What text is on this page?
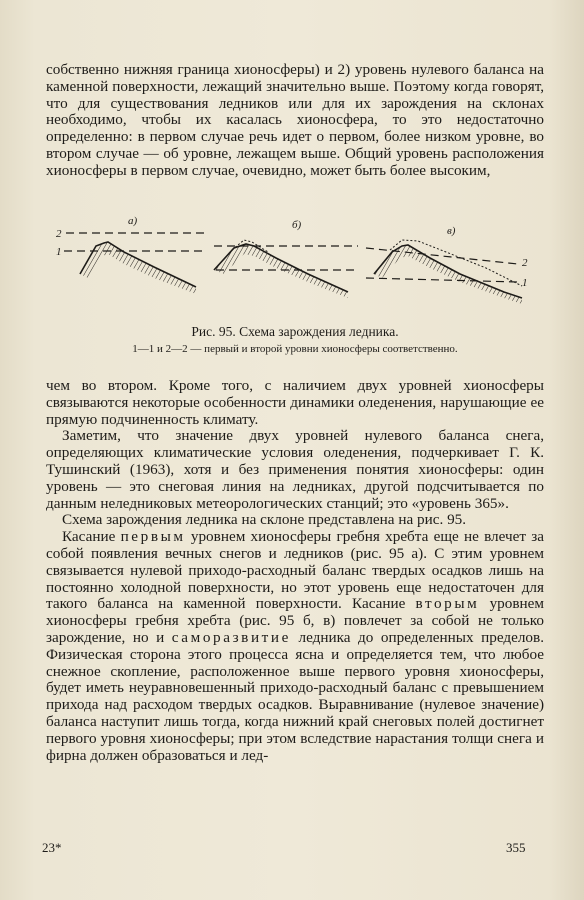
собственно нижняя граница хионосферы) и 2) уровень нулевого баланса на каменной поверхности, лежащий значительно выше. Поэтому когда говорят, что для существования ледников или для их зарождения на склонах необходимо, чтобы их касалась хионосфера, то это недостаточно определенно: в первом случае речь идет о первом, более низком уровне, во втором случае — об уровне, лежащем выше. Общий уровень расположения хионосферы в первом случае, очевидно, может быть более высоким,

а)	б)	в)
2
1
2
1
Рис. 95. Схема зарождения ледника.
1—1 и 2—2 — первый и второй уровни хионосферы соответственно.

чем во втором. Кроме того, с наличием двух уровней хионосферы связываются некоторые особенности динамики оледенения, нарушающие ее прямую подчиненность климату.

Заметим, что значение двух уровней нулевого баланса снега, определяющих климатические условия оледенения, подчеркивает Г. К. Тушинский (1963), хотя и без применения понятия хионосферы: один уровень — это снеговая линия на ледниках, другой подсчитывается по данным неледниковых метеорологических станций; это «уровень 365».

Схема зарождения ледника на склоне представлена на рис. 95.

Касание первым уровнем хионосферы гребня хребта еще не влечет за собой появления вечных снегов и ледников (рис. 95 а). С этим уровнем связывается нулевой приходо-расходный баланс твердых осадков лишь на постоянно холодной поверхности, но этот уровень еще недостаточен для такого баланса на каменной поверхности. Касание вторым уровнем хионосферы гребня хребта (рис. 95 б, в) повлечет за собой не только зарождение, но и саморазвитие ледника до определенных пределов. Физическая сторона этого процесса ясна и определяется тем, что любое снежное скопление, расположенное выше первого уровня хионосферы, будет иметь неуравновешенный приходо-расходный баланс с превышением прихода над расходом твердых осадков. Выравнивание (нулевое значение) баланса наступит лишь тогда, когда нижний край снеговых полей достигнет первого уровня хионосферы; при этом вследствие нарастания толщи снега и фирна должен образоваться и лед-

23*	355
